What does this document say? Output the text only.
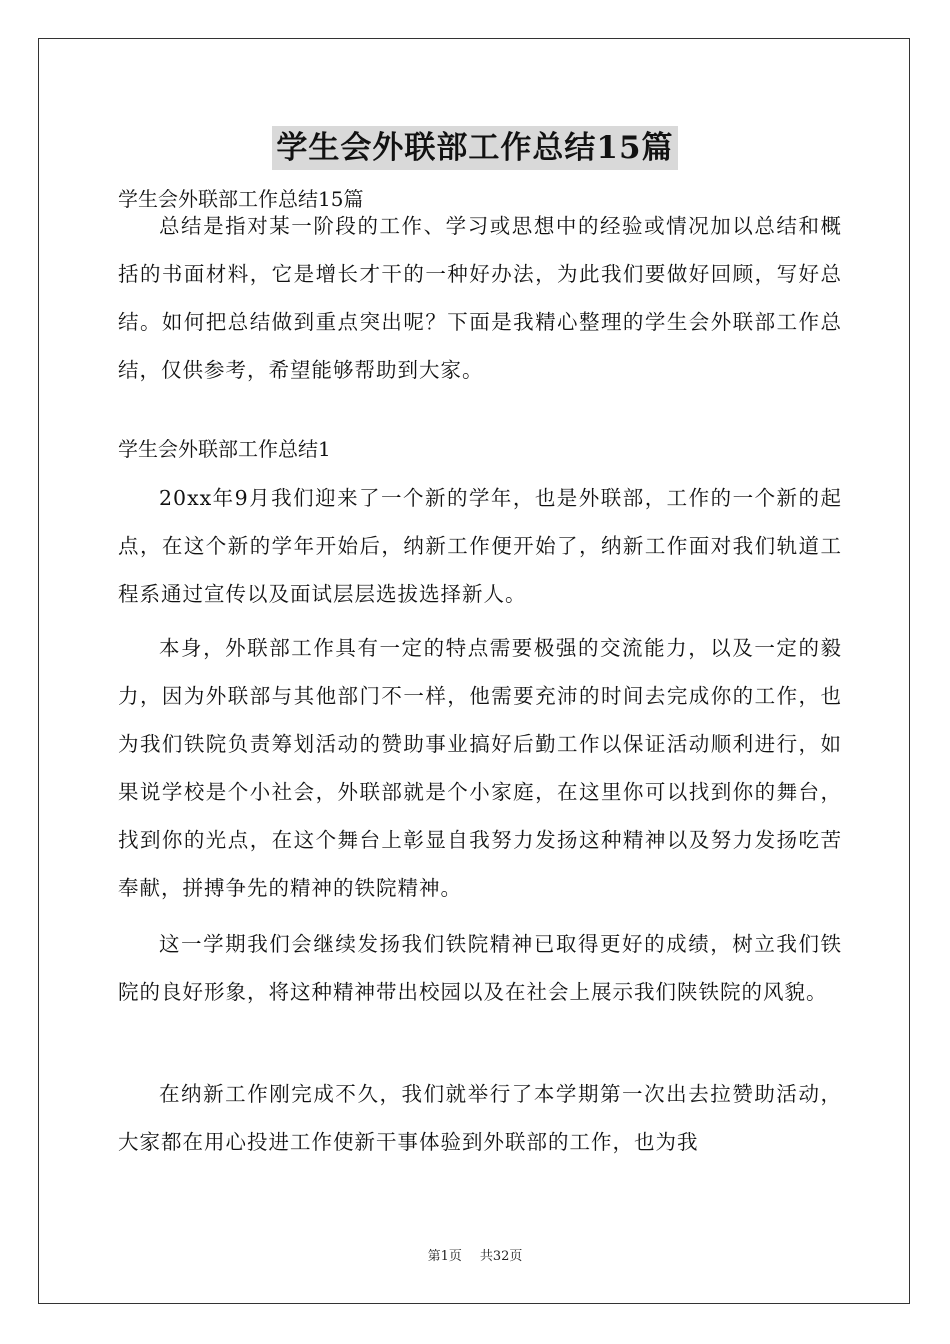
学生会外联部工作总结15篇
学生会外联部工作总结15篇

总结是指对某一阶段的工作、学习或思想中的经验或情况加以总结和概括的书面材料，它是增长才干的一种好办法，为此我们要做好回顾，写好总结。如何把总结做到重点突出呢？下面是我精心整理的学生会外联部工作总结，仅供参考，希望能够帮助到大家。

学生会外联部工作总结1

20xx年9月我们迎来了一个新的学年，也是外联部，工作的一个新的起点，在这个新的学年开始后，纳新工作便开始了，纳新工作面对我们轨道工程系通过宣传以及面试层层选拔选择新人。

本身，外联部工作具有一定的特点需要极强的交流能力，以及一定的毅力，因为外联部与其他部门不一样，他需要充沛的时间去完成你的工作，也为我们铁院负责筹划活动的赞助事业搞好后勤工作以保证活动顺利进行，如果说学校是个小社会，外联部就是个小家庭，在这里你可以找到你的舞台，找到你的光点，在这个舞台上彰显自我努力发扬这种精神以及努力发扬吃苦奉献，拼搏争先的精神的铁院精神。

这一学期我们会继续发扬我们铁院精神已取得更好的成绩，树立我们铁院的良好形象，将这种精神带出校园以及在社会上展示我们陕铁院的风貌。

在纳新工作刚完成不久，我们就举行了本学期第一次出去拉赞助活动，大家都在用心投进工作使新干事体验到外联部的工作，也为我

第1页 共32页
